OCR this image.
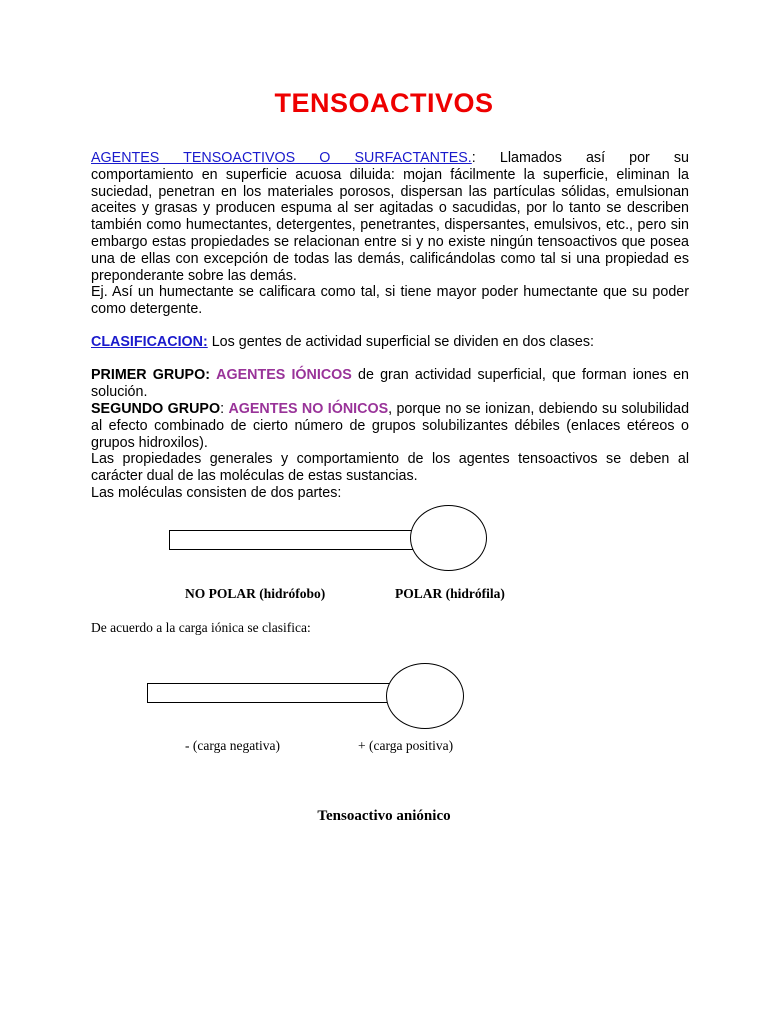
TENSOACTIVOS
AGENTES TENSOACTIVOS O SURFACTANTES.: Llamados así por su
comportamiento en superficie acuosa diluida: mojan fácilmente la superficie, eliminan la suciedad, penetran en los materiales porosos, dispersan las partículas sólidas, emulsionan aceites y grasas y producen espuma al ser agitadas o sacudidas, por lo tanto se describen también como humectantes, detergentes, penetrantes, dispersantes, emulsivos, etc., pero sin embargo estas propiedades se relacionan entre si y no existe ningún tensoactivos que posea una de ellas con excepción de todas las demás, calificándolas como tal si una propiedad es preponderante sobre las demás.
Ej. Así un humectante se calificara como tal, si tiene mayor poder humectante que su poder como detergente.
CLASIFICACION: Los gentes de actividad superficial se dividen en dos clases:
PRIMER GRUPO: AGENTES IÓNICOS de gran actividad superficial, que forman iones en solución.
SEGUNDO GRUPO: AGENTES NO IÓNICOS, porque no se ionizan, debiendo su solubilidad al efecto combinado de cierto número de grupos solubilizantes débiles (enlaces etéreos o grupos hidroxilos).
Las propiedades generales y comportamiento de los agentes tensoactivos se deben al carácter dual de las moléculas de estas sustancias.
Las moléculas consisten de dos partes:
NO POLAR (hidrófobo)	POLAR (hidrófila)
De acuerdo a la carga iónica se clasifica:
- (carga negativa)	+ (carga positiva)
Tensoactivo aniónico
